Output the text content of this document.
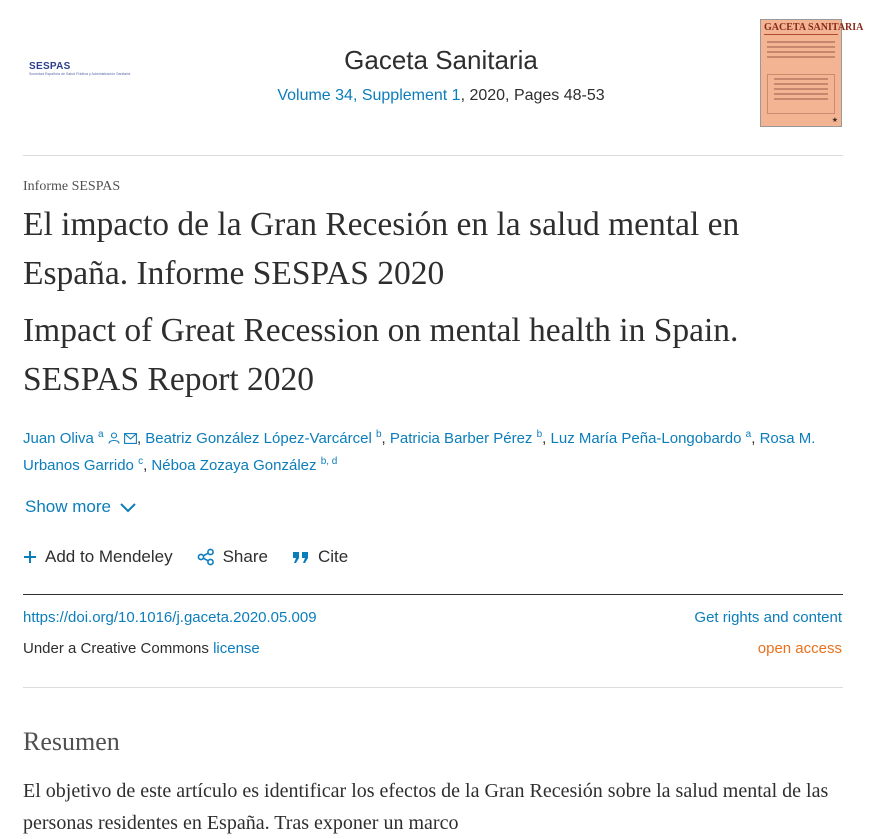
SESPAS
Sociedad Española de Salud Pública y Administración Sanitaria	Gaceta Sanitaria
Volume 34, Supplement 1, 2020, Pages 48-53
GACETA SANITARIA
★
Informe SESPAS
El impacto de la Gran Recesión en la salud mental en España. Informe SESPAS 2020
Impact of Great Recession on mental health in Spain. SESPAS Report 2020
Juan Oliva $^a$ , Beatriz González López-Varcárcel $^b$, Patricia Barber Pérez $^b$, Luz María Peña-Longobardo $^a$, Rosa M. Urbanos Garrido $^c$, Néboa Zozaya González $^{b, d}$
Show more
Add to Mendeley	Share	Cite
https://doi.org/10.1016/j.gaceta.2020.05.009	Get rights and content
Under a Creative Commons license	open access
Resumen
El objetivo de este artículo es identificar los efectos de la Gran Recesión sobre la salud mental de las personas residentes en España. Tras exponer un marco
